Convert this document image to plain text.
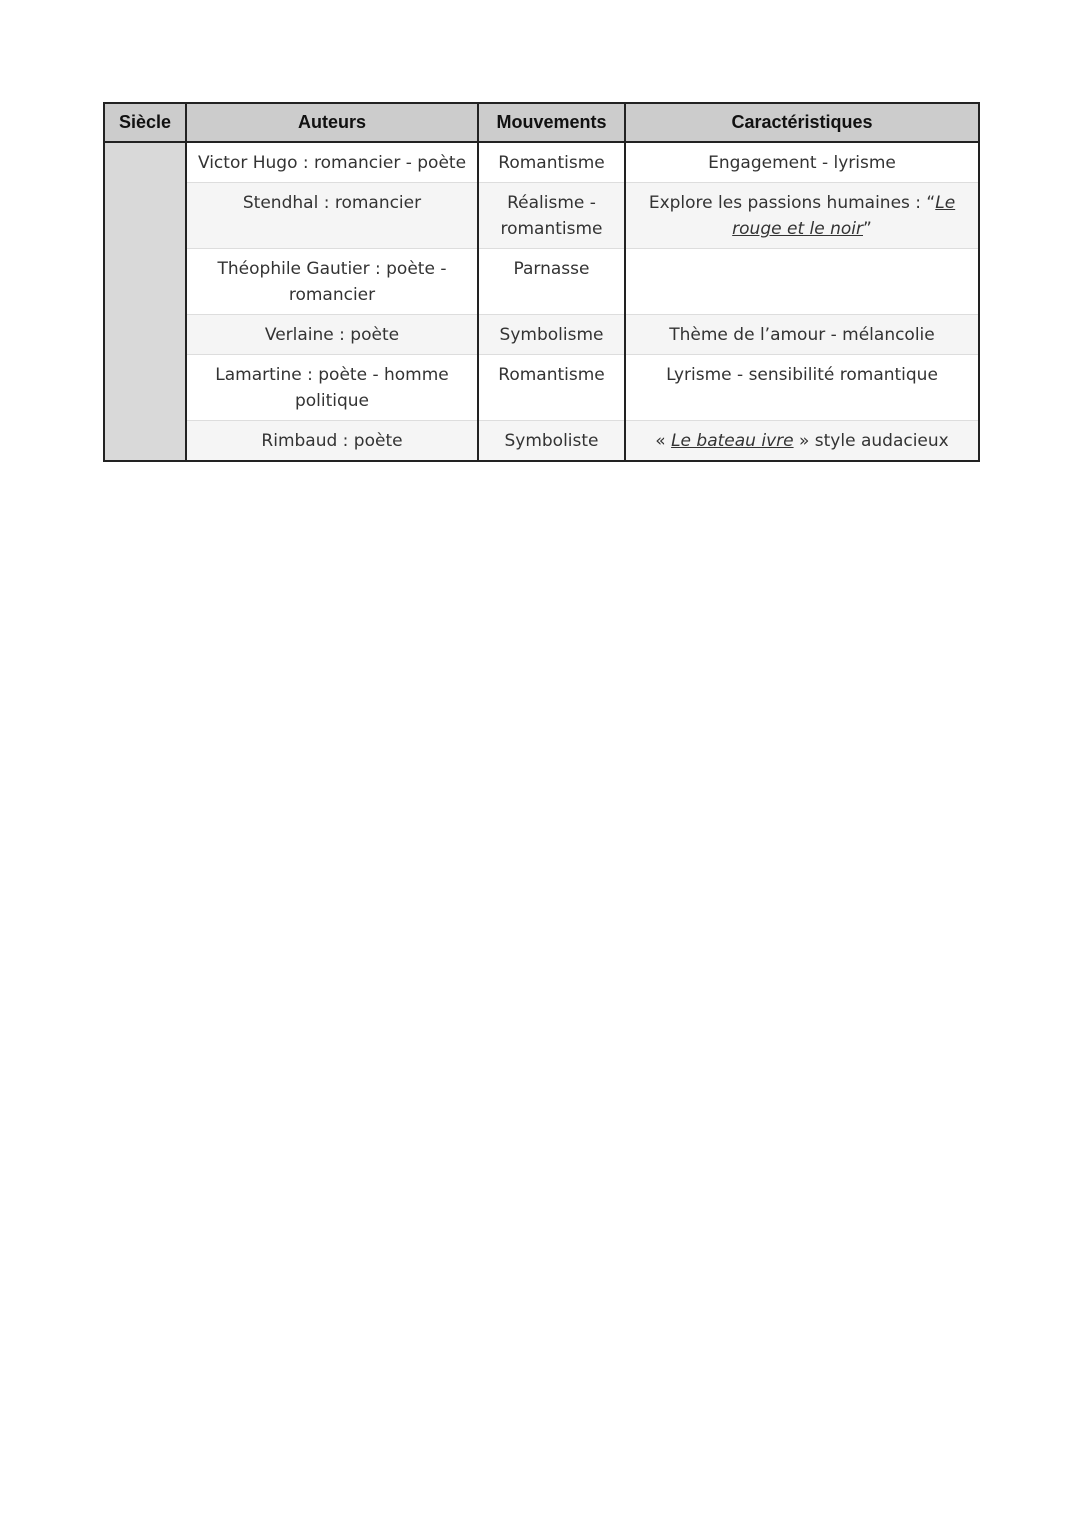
Siècle	Auteurs	Mouvements	Caractéristiques
	Victor Hugo : romancier - poète	Romantisme	Engagement - lyrisme
	Stendhal : romancier	Réalisme - romantisme	Explore les passions humaines : “Le rouge et le noir”
	Théophile Gautier : poète - romancier	Parnasse	
	Verlaine : poète	Symbolisme	Thème de l’amour - mélancolie
	Lamartine : poète - homme politique	Romantisme	Lyrisme - sensibilité romantique
	Rimbaud : poète	Symboliste	« Le bateau ivre » style audacieux
